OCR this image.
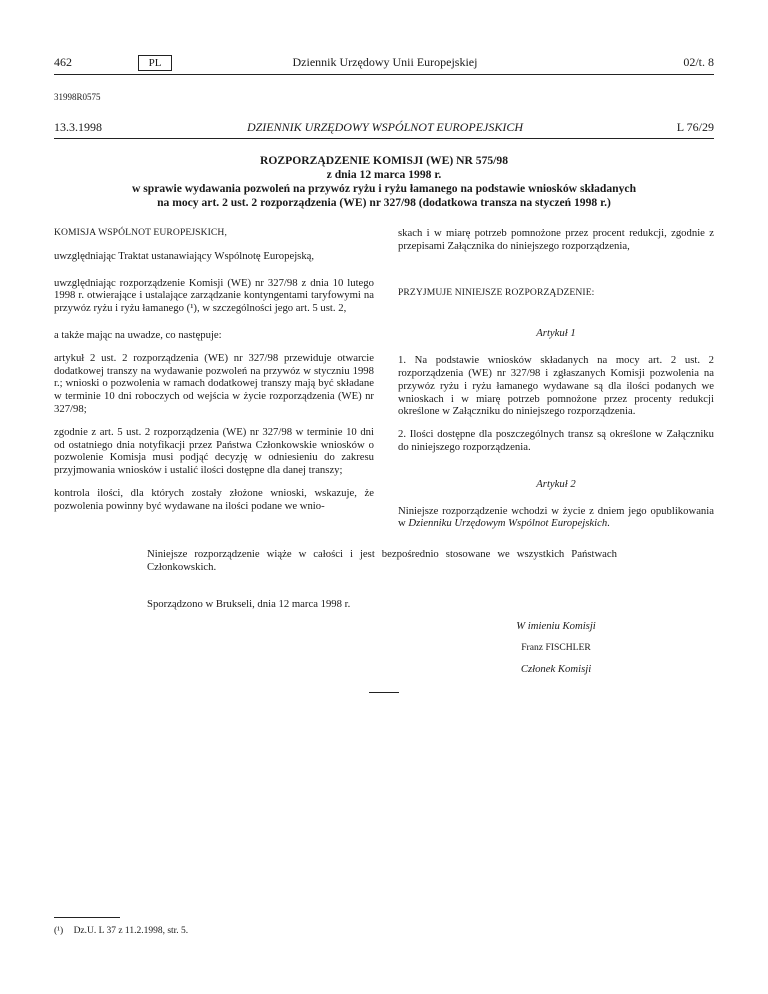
462	PL	Dziennik Urzędowy Unii Europejskiej	02/t. 8
31998R0575
13.3.1998	DZIENNIK URZĘDOWY WSPÓLNOT EUROPEJSKICH	L 76/29
ROZPORZĄDZENIE KOMISJI (WE) NR 575/98
z dnia 12 marca 1998 r.
w sprawie wydawania pozwoleń na przywóz ryżu i ryżu łamanego na podstawie wniosków składanych
na mocy art. 2 ust. 2 rozporządzenia (WE) nr 327/98 (dodatkowa transza na styczeń 1998 r.)

KOMISJA WSPÓLNOT EUROPEJSKICH,

uwzględniając Traktat ustanawiający Wspólnotę Europejską,

uwzględniając rozporządzenie Komisji (WE) nr 327/98 z dnia 10 lutego 1998 r. otwierające i ustalające zarządzanie kontyngentami taryfowymi na przywóz ryżu i ryżu łamanego (¹), w szczególności jego art. 5 ust. 2,

a także mając na uwadze, co następuje:

artykuł 2 ust. 2 rozporządzenia (WE) nr 327/98 przewiduje otwarcie dodatkowej transzy na wydawanie pozwoleń na przywóz w styczniu 1998 r.; wnioski o pozwolenia w ramach dodatkowej transzy mają być składane w terminie 10 dni roboczych od wejścia w życie rozporządzenia (WE) nr 327/98;

zgodnie z art. 5 ust. 2 rozporządzenia (WE) nr 327/98 w terminie 10 dni od ostatniego dnia notyfikacji przez Państwa Członkowskie wniosków o pozwolenie Komisja musi podjąć decyzję w odniesieniu do zakresu przyjmowania wniosków i ustalić ilości dostępne dla danej transzy;

kontrola ilości, dla których zostały złożone wnioski, wskazuje, że pozwolenia powinny być wydawane na ilości podane we wnio-

skach i w miarę potrzeb pomnożone przez procent redukcji, zgodnie z przepisami Załącznika do niniejszego rozporządzenia,

PRZYJMUJE NINIEJSZE ROZPORZĄDZENIE:

Artykuł 1

1. Na podstawie wniosków składanych na mocy art. 2 ust. 2 rozporządzenia (WE) nr 327/98 i zgłaszanych Komisji pozwolenia na przywóz ryżu i ryżu łamanego wydawane są dla ilości podanych we wnioskach i w miarę potrzeb pomnożone przez procenty redukcji określone w Załączniku do niniejszego rozporządzenia.

2. Ilości dostępne dla poszczególnych transz są określone w Załączniku do niniejszego rozporządzenia.

Artykuł 2

Niniejsze rozporządzenie wchodzi w życie z dniem jego opublikowania w Dzienniku Urzędowym Wspólnot Europejskich.

Niniejsze rozporządzenie wiąże w całości i jest bezpośrednio stosowane we wszystkich Państwach Członkowskich.
Sporządzono w Brukseli, dnia 12 marca 1998 r.
W imieniu Komisji
Franz FISCHLER
Członek Komisji
(¹) Dz.U. L 37 z 11.2.1998, str. 5.
